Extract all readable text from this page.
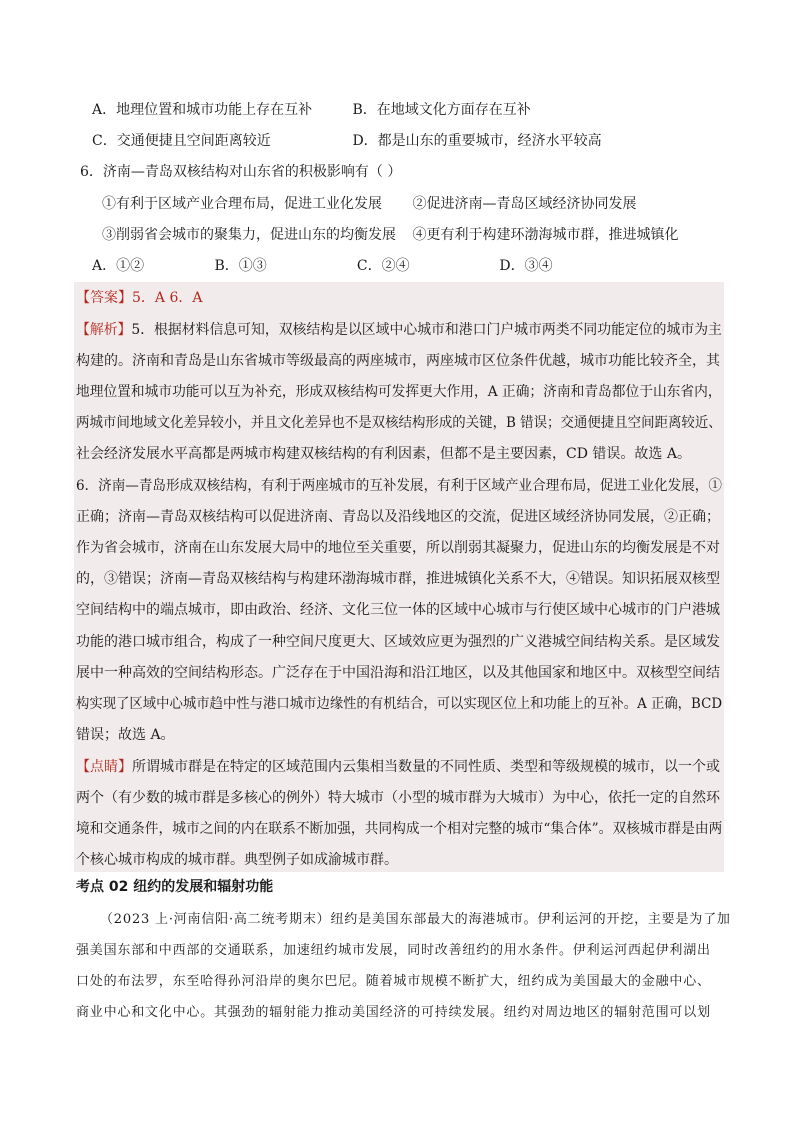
A．地理位置和城市功能上存在互补	B．在地域文化方面存在互补
C．交通便捷且空间距离较近	D．都是山东的重要城市，经济水平较高
6．济南—青岛双核结构对山东省的积极影响有（ ）
①有利于区域产业合理布局，促进工业化发展 ②促进济南—青岛区域经济协同发展
③削弱省会城市的聚集力，促进山东的均衡发展 ④更有利于构建环渤海城市群，推进城镇化
A．①②	B．①③	C．②④	D．③④
【答案】5．A 6．A
【解析】5．根据材料信息可知，双核结构是以区域中心城市和港口门户城市两类不同功能定位的城市为主
构建的。济南和青岛是山东省城市等级最高的两座城市，两座城市区位条件优越，城市功能比较齐全，其
地理位置和城市功能可以互为补充，形成双核结构可发挥更大作用，A 正确；济南和青岛都位于山东省内，
两城市间地域文化差异较小，并且文化差异也不是双核结构形成的关键，B 错误；交通便捷且空间距离较近、
社会经济发展水平高都是两城市构建双核结构的有利因素，但都不是主要因素，CD 错误。故选 A。
6．济南—青岛形成双核结构，有利于两座城市的互补发展，有利于区域产业合理布局，促进工业化发展，①
正确；济南—青岛双核结构可以促进济南、青岛以及沿线地区的交流，促进区域经济协同发展，②正确；
作为省会城市，济南在山东发展大局中的地位至关重要，所以削弱其凝聚力，促进山东的均衡发展是不对
的，③错误；济南—青岛双核结构与构建环渤海城市群，推进城镇化关系不大，④错误。知识拓展双核型
空间结构中的端点城市，即由政治、经济、文化三位一体的区域中心城市与行使区域中心城市的门户港城
功能的港口城市组合，构成了一种空间尺度更大、区域效应更为强烈的广义港城空间结构关系。是区域发
展中一种高效的空间结构形态。广泛存在于中国沿海和沿江地区，以及其他国家和地区中。双核型空间结
构实现了区域中心城市趋中性与港口城市边缘性的有机结合，可以实现区位上和功能上的互补。A 正确，BCD
错误；故选 A。
【点睛】所谓城市群是在特定的区域范围内云集相当数量的不同性质、类型和等级规模的城市，以一个或
两个（有少数的城市群是多核心的例外）特大城市（小型的城市群为大城市）为中心，依托一定的自然环
境和交通条件，城市之间的内在联系不断加强，共同构成一个相对完整的城市“集合体”。双核城市群是由两
个核心城市构成的城市群。典型例子如成渝城市群。
考点 02 纽约的发展和辐射功能
（2023 上·河南信阳·高二统考期末）纽约是美国东部最大的海港城市。伊利运河的开挖，主要是为了加
强美国东部和中西部的交通联系，加速纽约城市发展，同时改善纽约的用水条件。伊利运河西起伊利湖出
口处的布法罗，东至哈得孙河沿岸的奥尔巴尼。随着城市规模不断扩大，纽约成为美国最大的金融中心、
商业中心和文化中心。其强劲的辐射能力推动美国经济的可持续发展。纽约对周边地区的辐射范围可以划
